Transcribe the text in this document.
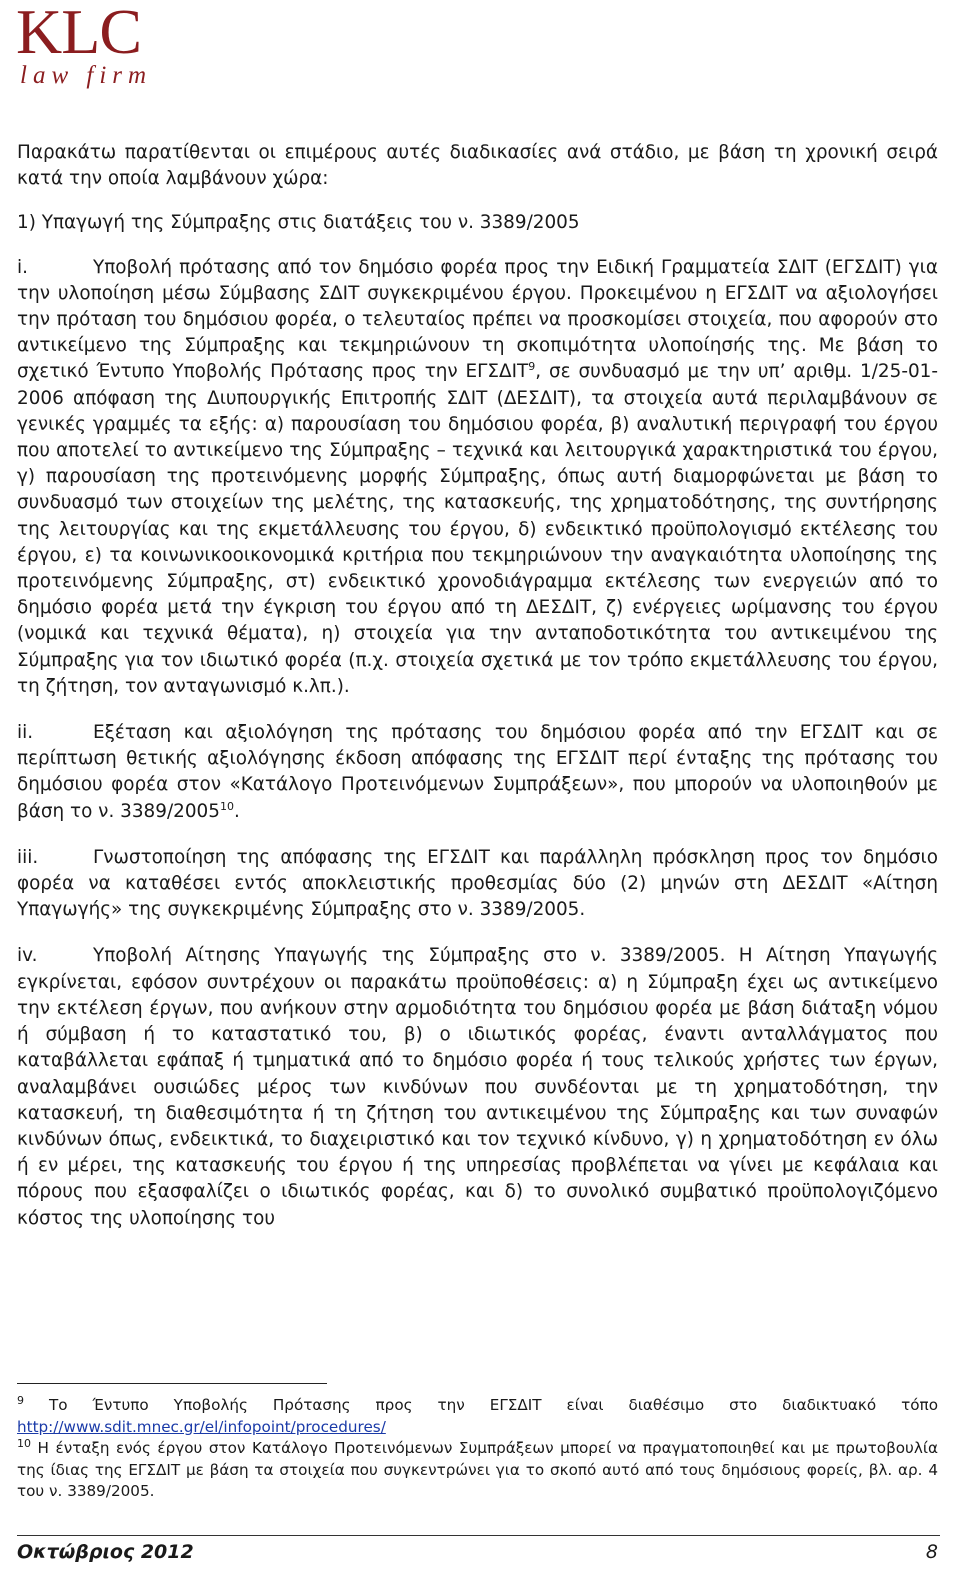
KLC
law firm

Παρακάτω παρατίθενται οι επιμέρους αυτές διαδικασίες ανά στάδιο, με βάση τη χρονική σειρά κατά την οποία λαμβάνουν χώρα:

1) Υπαγωγή της Σύμπραξης στις διατάξεις του ν. 3389/2005

i.	Υποβολή πρότασης από τον δημόσιο φορέα προς την Ειδική Γραμματεία ΣΔΙΤ (ΕΓΣΔΙΤ) για την υλοποίηση μέσω Σύμβασης ΣΔΙΤ συγκεκριμένου έργου. Προκειμένου η ΕΓΣΔΙΤ να αξιολογήσει την πρόταση του δημόσιου φορέα, ο τελευταίος πρέπει να προσκομίσει στοιχεία, που αφορούν στο αντικείμενο της Σύμπραξης και τεκμηριώνουν τη σκοπιμότητα υλοποίησής της. Με βάση το σχετικό Έντυπο Υποβολής Πρότασης προς την ΕΓΣΔΙΤ$^9$, σε συνδυασμό με την υπ’ αριθμ. 1/25-01-2006 απόφαση της Διυπουργικής Επιτροπής ΣΔΙΤ (ΔΕΣΔΙΤ), τα στοιχεία αυτά περιλαμβάνουν σε γενικές γραμμές τα εξής: α) παρουσίαση του δημόσιου φορέα, β) αναλυτική περιγραφή του έργου που αποτελεί το αντικείμενο της Σύμπραξης – τεχνικά και λειτουργικά χαρακτηριστικά του έργου, γ) παρουσίαση της προτεινόμενης μορφής Σύμπραξης, όπως αυτή διαμορφώνεται με βάση το συνδυασμό των στοιχείων της μελέτης, της κατασκευής, της χρηματοδότησης, της συντήρησης της λειτουργίας και της εκμετάλλευσης του έργου, δ) ενδεικτικό προϋπολογισμό εκτέλεσης του έργου, ε) τα κοινωνικοοικονομικά κριτήρια που τεκμηριώνουν την αναγκαιότητα υλοποίησης της προτεινόμενης Σύμπραξης, στ) ενδεικτικό χρονοδιάγραμμα εκτέλεσης των ενεργειών από το δημόσιο φορέα μετά την έγκριση του έργου από τη ΔΕΣΔΙΤ, ζ) ενέργειες ωρίμανσης του έργου (νομικά και τεχνικά θέματα), η) στοιχεία για την ανταποδοτικότητα του αντικειμένου της Σύμπραξης για τον ιδιωτικό φορέα (π.χ. στοιχεία σχετικά με τον τρόπο εκμετάλλευσης του έργου, τη ζήτηση, τον ανταγωνισμό κ.λπ.).

ii.	Εξέταση και αξιολόγηση της πρότασης του δημόσιου φορέα από την ΕΓΣΔΙΤ και σε περίπτωση θετικής αξιολόγησης έκδοση απόφασης της ΕΓΣΔΙΤ περί ένταξης της πρότασης του δημόσιου φορέα στον «Κατάλογο Προτεινόμενων Συμπράξεων», που μπορούν να υλοποιηθούν με βάση το ν. 3389/2005$^{10}$.

iii.	Γνωστοποίηση της απόφασης της ΕΓΣΔΙΤ και παράλληλη πρόσκληση προς τον δημόσιο φορέα να καταθέσει εντός αποκλειστικής προθεσμίας δύο (2) μηνών στη ΔΕΣΔΙΤ «Αίτηση Υπαγωγής» της συγκεκριμένης Σύμπραξης στο ν. 3389/2005.

iv.	Υποβολή Αίτησης Υπαγωγής της Σύμπραξης στο ν. 3389/2005. Η Αίτηση Υπαγωγής εγκρίνεται, εφόσον συντρέχουν οι παρακάτω προϋποθέσεις: α) η Σύμπραξη έχει ως αντικείμενο την εκτέλεση έργων, που ανήκουν στην αρμοδιότητα του δημόσιου φορέα με βάση διάταξη νόμου ή σύμβαση ή το καταστατικό του, β) ο ιδιωτικός φορέας, έναντι ανταλλάγματος που καταβάλλεται εφάπαξ ή τμηματικά από το δημόσιο φορέα ή τους τελικούς χρήστες των έργων, αναλαμβάνει ουσιώδες μέρος των κινδύνων που συνδέονται με τη χρηματοδότηση, την κατασκευή, τη διαθεσιμότητα ή τη ζήτηση του αντικειμένου της Σύμπραξης και των συναφών κινδύνων όπως, ενδεικτικά, το διαχειριστικό και τον τεχνικό κίνδυνο, γ) η χρηματοδότηση εν όλω ή εν μέρει, της κατασκευής του έργου ή της υπηρεσίας προβλέπεται να γίνει με κεφάλαια και πόρους που εξασφαλίζει ο ιδιωτικός φορέας, και δ) το συνολικό συμβατικό προϋπολογιζόμενο κόστος της υλοποίησης του

$^9$ Το Έντυπο Υποβολής Πρότασης προς την ΕΓΣΔΙΤ είναι διαθέσιμο στο διαδικτυακό τόπο http://www.sdit.mnec.gr/el/infopoint/procedures/

$^{10}$ Η ένταξη ενός έργου στον Κατάλογο Προτεινόμενων Συμπράξεων μπορεί να πραγματοποιηθεί και με πρωτοβουλία της ίδιας της ΕΓΣΔΙΤ με βάση τα στοιχεία που συγκεντρώνει για το σκοπό αυτό από τους δημόσιους φορείς, βλ. αρ. 4 του ν. 3389/2005.

Οκτώβριος 2012	8
